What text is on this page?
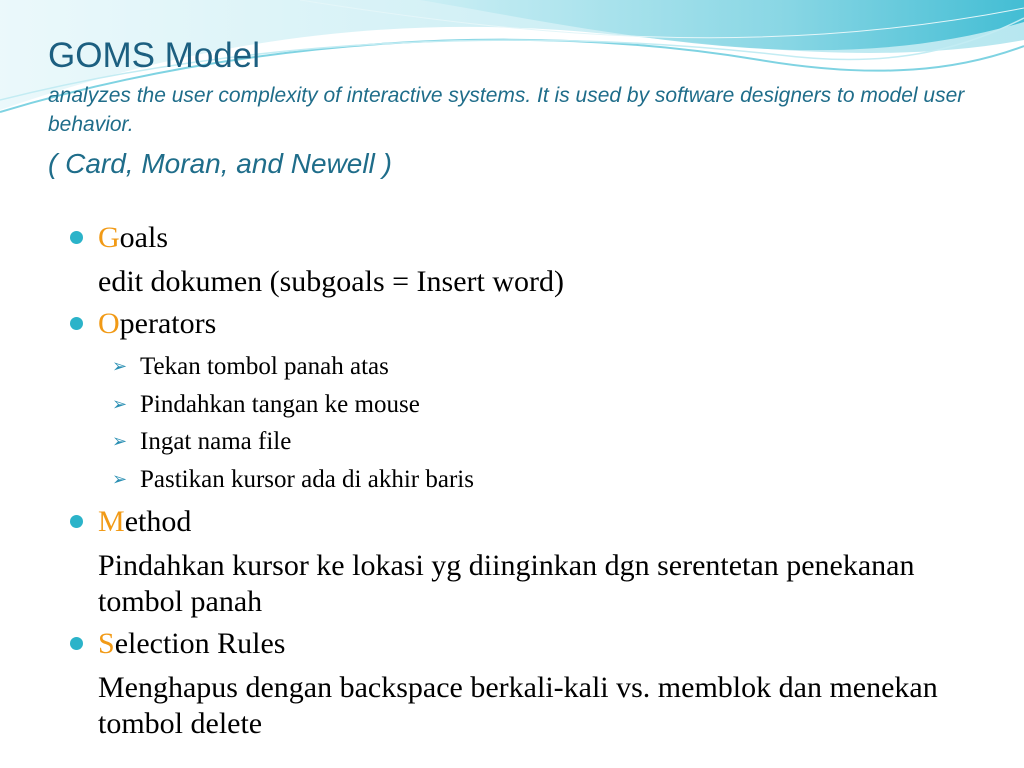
GOMS Model

analyzes the user complexity of interactive systems. It is used by software designers to model user behavior.

( Card, Moran, and Newell )

Goals
edit dokumen (subgoals = Insert word)
Operators
➢ Tekan tombol panah atas
➢ Pindahkan tangan ke mouse
➢ Ingat nama file
➢ Pastikan kursor ada di akhir baris
Method
Pindahkan kursor ke lokasi yg diinginkan dgn serentetan penekanan tombol panah
Selection Rules
Menghapus dengan backspace berkali-kali vs. memblok dan menekan tombol delete
